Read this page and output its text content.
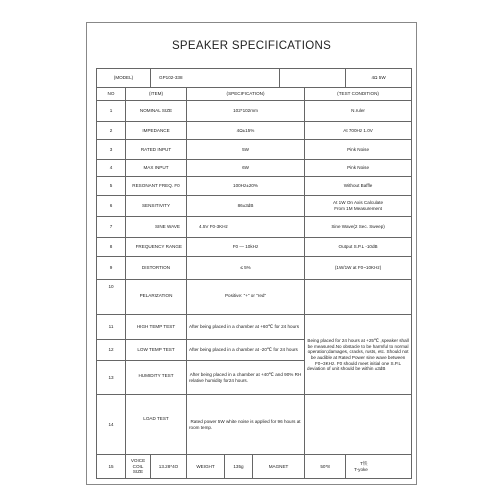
SPEAKER SPECIFICATIONS
(MODEL)		GP102-338						4Ω 5W
NO	(ITEM)		(SPECIFICATION)				(TEST CONDITION)	
1	NOMINAL SIZE		102*102mm				N.ruler	
2	IMPEDANCE		4Ω±15%				At 700Hz 1.0V	
3	RATED INPUT		5W				Pink Noise	
4	MAX INPUT		6W				Pink Noise	
5	RESONANT FREQ. F0		100Hz±20%				Without Baffle	
6	SENSITIVITY		86±3dB				At 1W On Axis Calculate
From 1M Measurement	

7	SINE WAVE		4.5V F0-3KHz				Sine Wave(2 Sec. Sweep)	
8	FREQUENCY RANGE		F0 — 10kHz				Output S.P.L -10dB	
9	DISTORTION		≤ 5%				(1W/1W at F0~10KHz)	
10	PELARIZATION		Positive: "+" or "red"					
11	HIGH TEMP TEST		After being placed in a chamber at +60℃ for 24 hours				Being placed for 24 hours at +25℃ ,speaker shall be measured.No obstacle to be harmful to normal operation;damages, cracks, rusts, etc. Should not be audible at Rated Power sine wave between F0~3KHz. F0 should meet initial one S.P.L deviation of unit should be within ±3dB	
12	LOW TEMP TEST		After being placed in a chamber at -20℃ for 24 hours					
13	HUMIDITY TEST		After being placed in a chamber at +40℃ and 90% RH relative humidity for24 hours.					
14	LOAD TEST		Rated power 5W white noise is applied for 96 hours at room temp.					
15	VOICE COIL SIZE	13.28*4O	WEIGHT	135g	MAGNET		50*8	T铁
T-yoke
